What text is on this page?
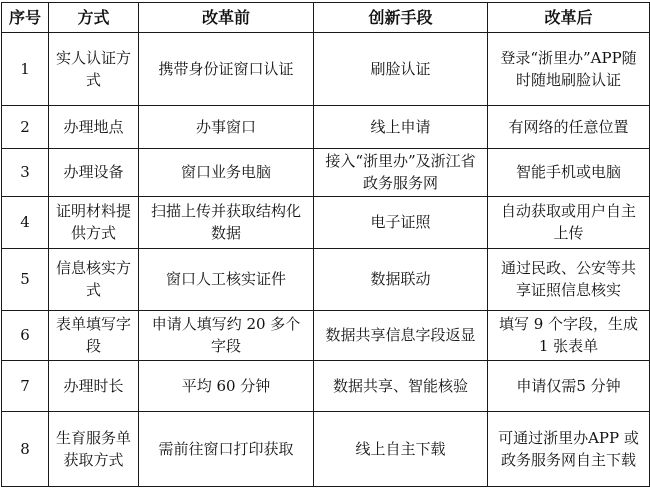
序号	方式	改革前	创新手段	改革后
1	实人认证方式	携带身份证窗口认证	刷脸认证	登录“浙里办”APP随时随地刷脸认证
2	办理地点	办事窗口	线上申请	有网络的任意位置
3	办理设备	窗口业务电脑	接入“浙里办”及浙江省政务服务网	智能手机或电脑
4	证明材料提供方式	扫描上传并获取结构化数据	电子证照	自动获取或用户自主上传
5	信息核实方式	窗口人工核实证件	数据联动	通过民政、公安等共享证照信息核实
6	表单填写字段	申请人填写约 20 多个字段	数据共享信息字段返显	填写 9 个字段，生成 1 张表单
7	办理时长	平均 60 分钟	数据共享、智能核验	申请仅需5 分钟
8	生育服务单获取方式	需前往窗口打印获取	线上自主下载	可通过浙里办APP 或政务服务网自主下载
